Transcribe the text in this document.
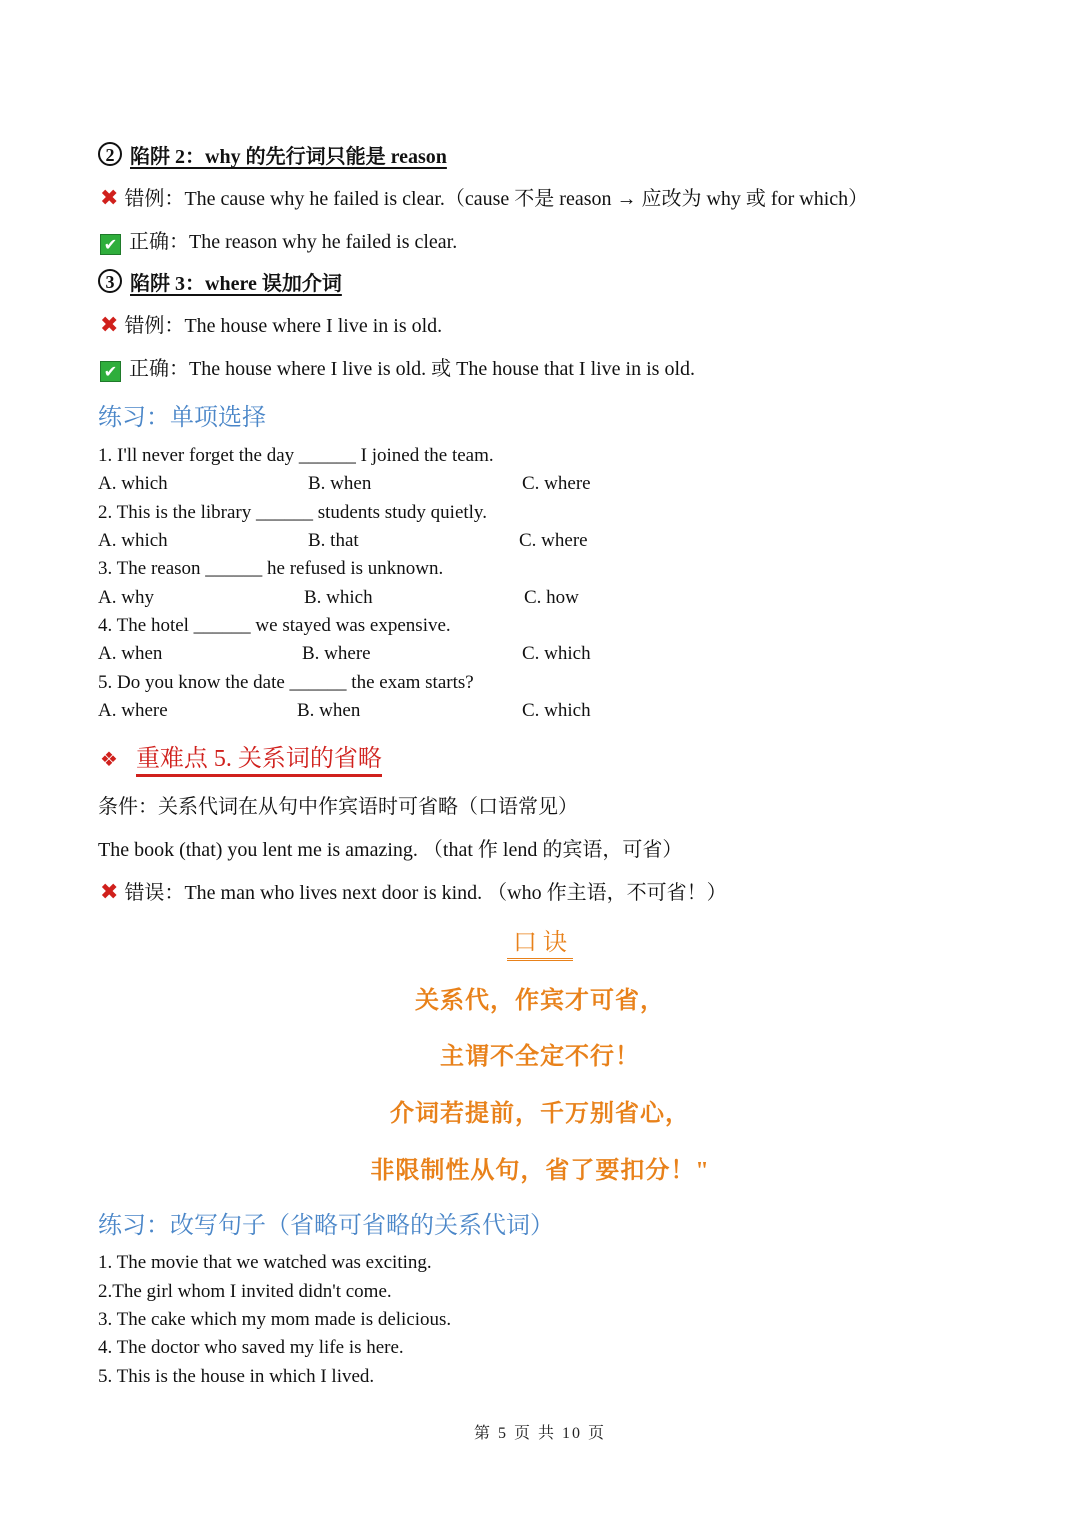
2 陷阱 2：why 的先行词只能是 reason
✖ 错例：The cause why he failed is clear.（cause 不是 reason → 应改为 why 或 for which）
✔ 正确：The reason why he failed is clear.
3 陷阱 3：where 误加介词
✖ 错例：The house where I live in is old.
✔ 正确：The house where I live is old. 或 The house that I live in is old.
练习：单项选择
1. I'll never forget the day ______ I joined the team.
A. which	B. when	C. where
2. This is the library ______ students study quietly.
A. which	B. that	C. where
3. The reason ______ he refused is unknown.
A. why	B. which	C. how
4. The hotel ______ we stayed was expensive.
A. when	B. where	C. which
5. Do you know the date ______ the exam starts?
A. where	B. when	C. which
❖ 重难点 5. 关系词的省略
条件：关系代词在从句中作宾语时可省略（口语常见）
The book (that) you lent me is amazing. （that 作 lend 的宾语，可省）
✖ 错误：The man who lives next door is kind. （who 作主语，不可省！）
口 诀
关系代，作宾才可省，
主谓不全定不行！
介词若提前，千万别省心，
非限制性从句，省了要扣分！"
练习：改写句子（省略可省略的关系代词）
1. The movie that we watched was exciting.
2.The girl whom I invited didn't come.
3. The cake which my mom made is delicious.
4. The doctor who saved my life is here.
5. This is the house in which I lived.
第 5 页 共 10 页
